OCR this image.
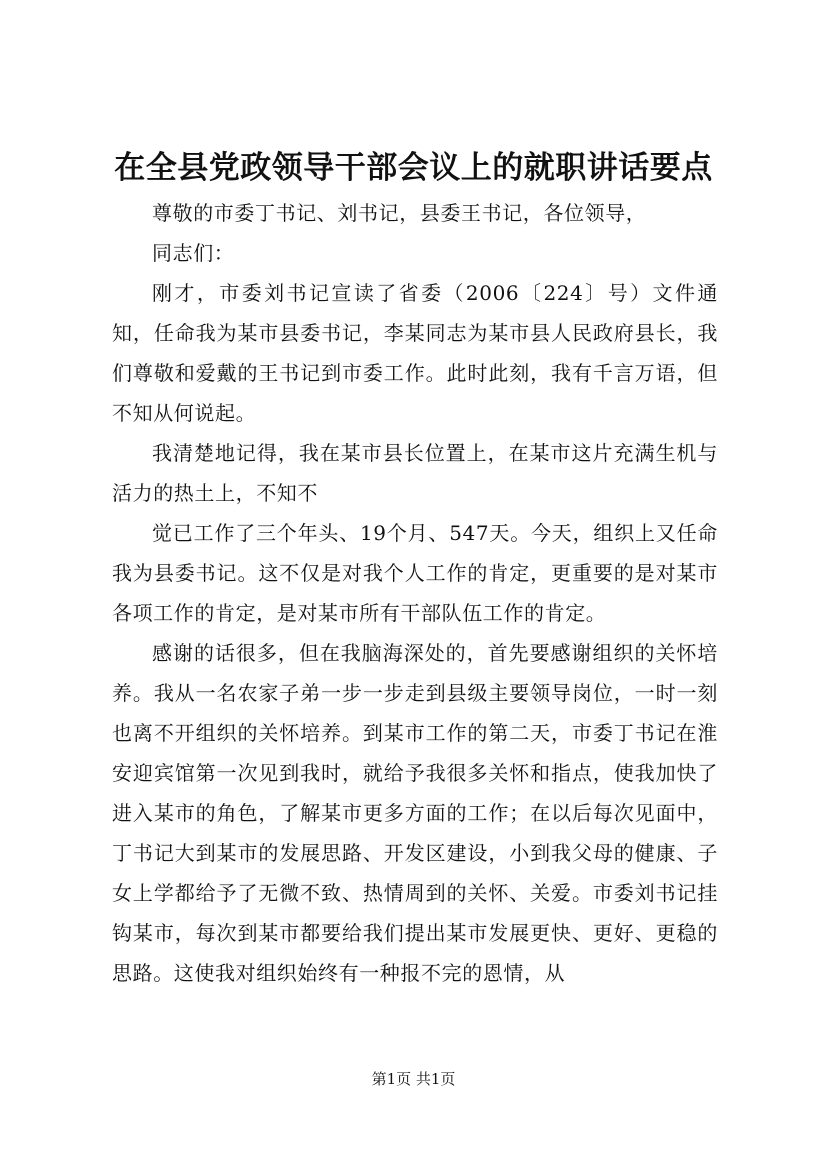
在全县党政领导干部会议上的就职讲话要点

尊敬的市委丁书记、刘书记，县委王书记，各位领导，

同志们：

刚才，市委刘书记宣读了省委（2006〔224〕号）文件通知，任命我为某市县委书记，李某同志为某市县人民政府县长，我们尊敬和爱戴的王书记到市委工作。此时此刻，我有千言万语，但不知从何说起。

我清楚地记得，我在某市县长位置上，在某市这片充满生机与活力的热土上，不知不

觉已工作了三个年头、19个月、547天。今天，组织上又任命我为县委书记。这不仅是对我个人工作的肯定，更重要的是对某市各项工作的肯定，是对某市所有干部队伍工作的肯定。

感谢的话很多，但在我脑海深处的，首先要感谢组织的关怀培养。我从一名农家子弟一步一步走到县级主要领导岗位，一时一刻也离不开组织的关怀培养。到某市工作的第二天，市委丁书记在淮安迎宾馆第一次见到我时，就给予我很多关怀和指点，使我加快了进入某市的角色，了解某市更多方面的工作；在以后每次见面中，丁书记大到某市的发展思路、开发区建设，小到我父母的健康、子女上学都给予了无微不致、热情周到的关怀、关爱。市委刘书记挂钩某市，每次到某市都要给我们提出某市发展更快、更好、更稳的思路。这使我对组织始终有一种报不完的恩情，从

第1页 共1页
